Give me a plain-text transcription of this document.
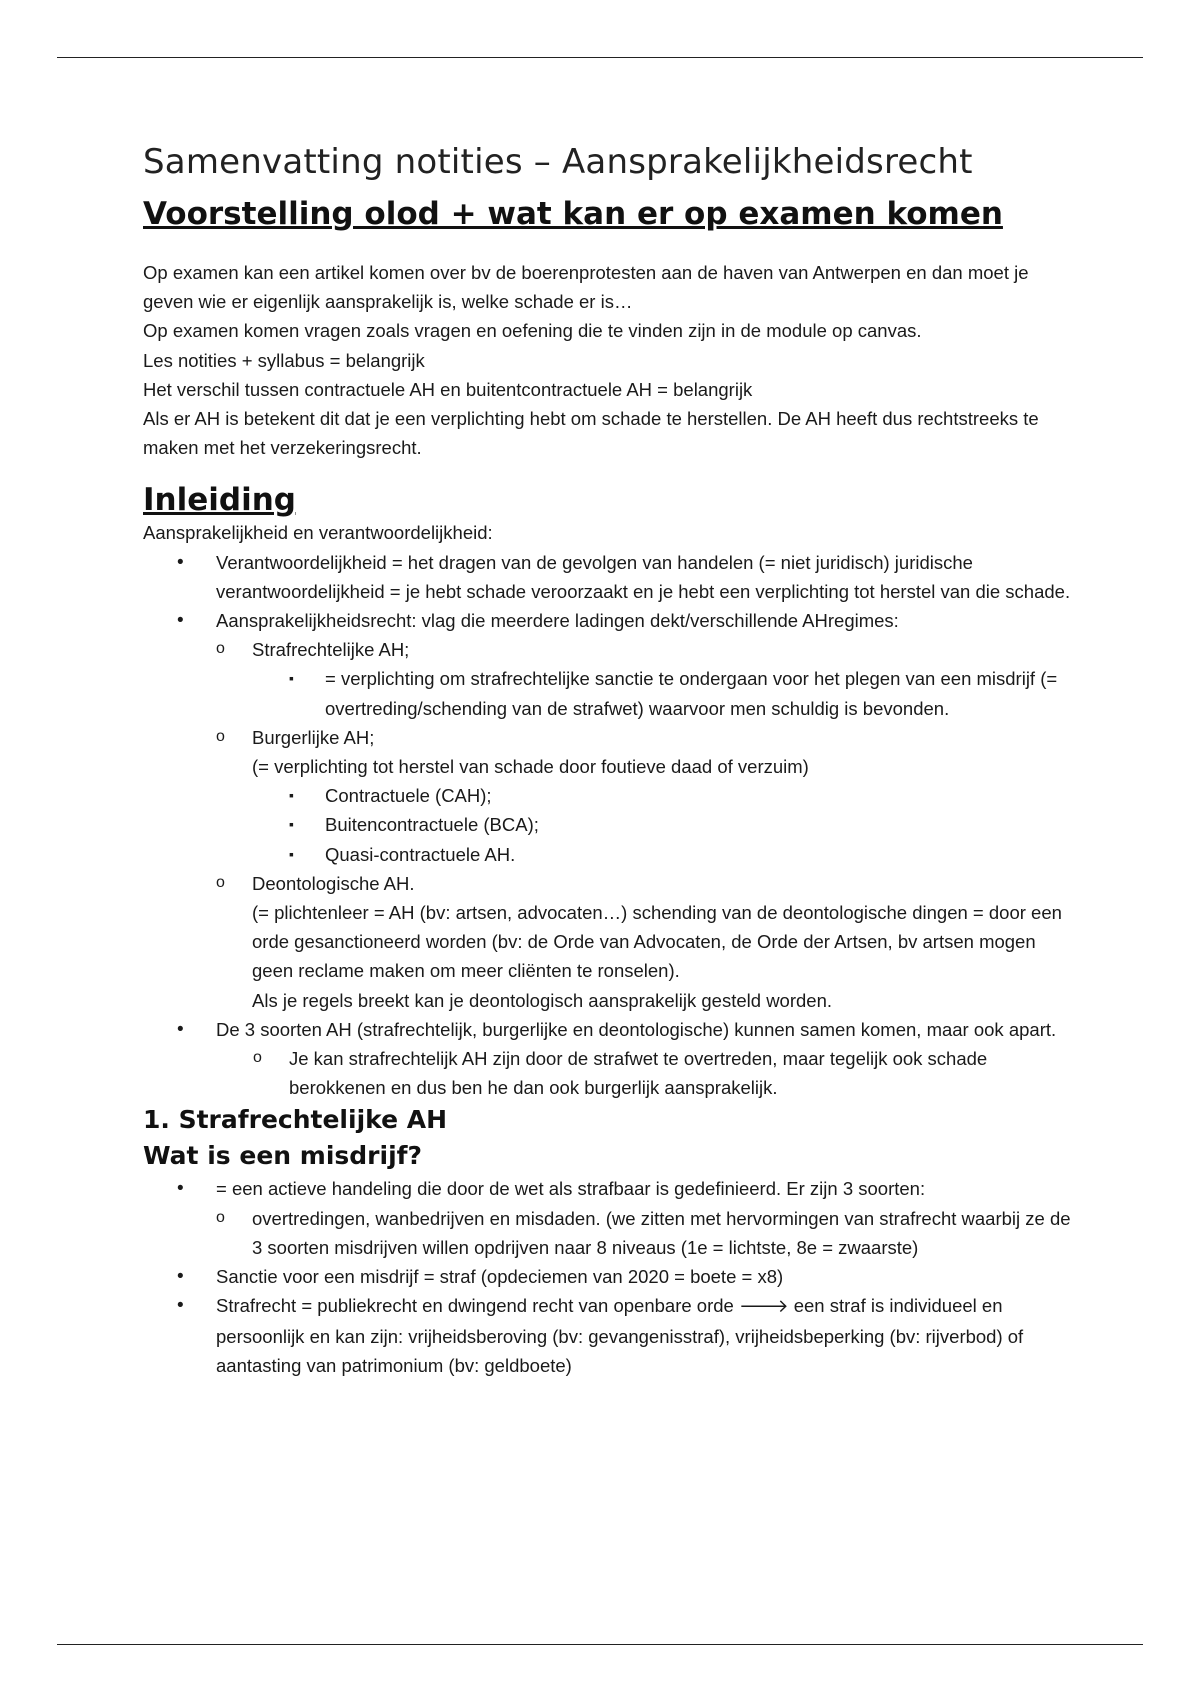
Samenvatting notities – Aansprakelijkheidsrecht
Voorstelling olod + wat kan er op examen komen

Op examen kan een artikel komen over bv de boerenprotesten aan de haven van Antwerpen en dan moet je geven wie er eigenlijk aansprakelijk is, welke schade er is…

Op examen komen vragen zoals vragen en oefening die te vinden zijn in de module op canvas.

Les notities + syllabus = belangrijk

Het verschil tussen contractuele AH en buitentcontractuele AH = belangrijk

Als er AH is betekent dit dat je een verplichting hebt om schade te herstellen. De AH heeft dus rechtstreeks te maken met het verzekeringsrecht.

Inleiding

Aansprakelijkheid en verantwoordelijkheid:

• Verantwoordelijkheid = het dragen van de gevolgen van handelen (= niet juridisch) juridische verantwoordelijkheid = je hebt schade veroorzaakt en je hebt een verplichting tot herstel van die schade.
• Aansprakelijkheidsrecht: vlag die meerdere ladingen dekt/verschillende AHregimes:
o Strafrechtelijke AH;
▪ = verplichting om strafrechtelijke sanctie te ondergaan voor het plegen van een misdrijf (= overtreding/schending van de strafwet) waarvoor men schuldig is bevonden.
o Burgerlijke AH;
(= verplichting tot herstel van schade door foutieve daad of verzuim)
▪ Contractuele (CAH);
▪ Buitencontractuele (BCA);
▪ Quasi-contractuele AH.
o Deontologische AH.
(= plichtenleer = AH (bv: artsen, advocaten…) schending van de deontologische dingen = door een orde gesanctioneerd worden (bv: de Orde van Advocaten, de Orde der Artsen, bv artsen mogen geen reclame maken om meer cliënten te ronselen).
Als je regels breekt kan je deontologisch aansprakelijk gesteld worden.
• De 3 soorten AH (strafrechtelijk, burgerlijke en deontologische) kunnen samen komen, maar ook apart.
o Je kan strafrechtelijk AH zijn door de strafwet te overtreden, maar tegelijk ook schade berokkenen en dus ben he dan ook burgerlijk aansprakelijk.
1. Strafrechtelijke AH
Wat is een misdrijf?
• = een actieve handeling die door de wet als strafbaar is gedefinieerd. Er zijn 3 soorten:
o overtredingen, wanbedrijven en misdaden. (we zitten met hervormingen van strafrecht waarbij ze de 3 soorten misdrijven willen opdrijven naar 8 niveaus (1e = lichtste, 8e = zwaarste)
• Sanctie voor een misdrijf = straf (opdeciemen van 2020 = boete = x8)
• Strafrecht = publiekrecht en dwingend recht van openbare orde 🡒 een straf is individueel en persoonlijk en kan zijn: vrijheidsberoving (bv: gevangenisstraf), vrijheidsbeperking (bv: rijverbod) of aantasting van patrimonium (bv: geldboete)
